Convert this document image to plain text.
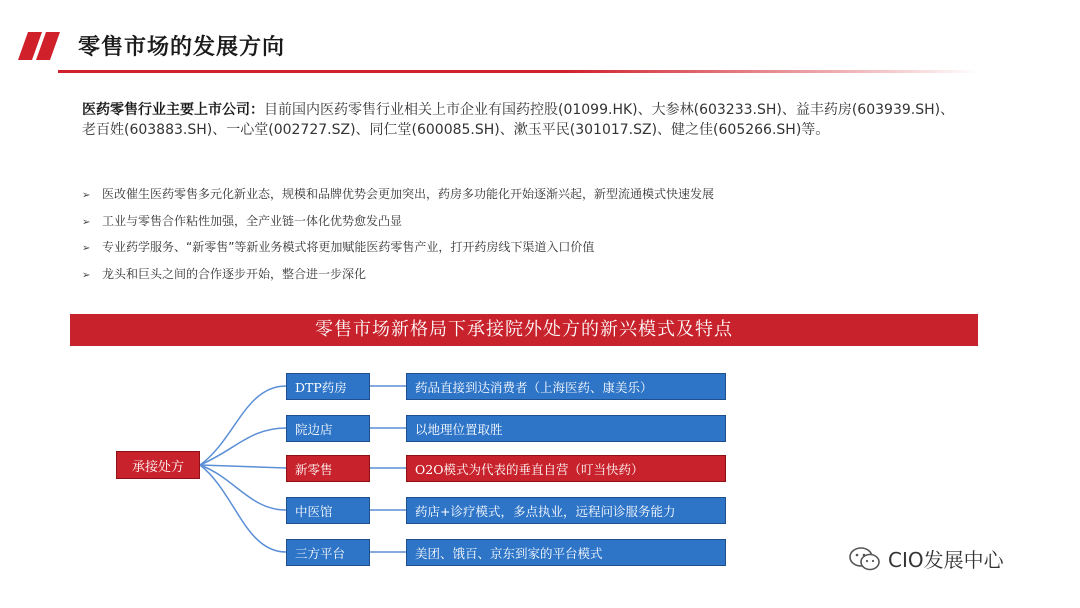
零售市场的发展方向
医药零售行业主要上市公司：目前国内医药零售行业相关上市企业有国药控股(01099.HK)、大参林(603233.SH)、益丰药房(603939.SH)、老百姓(603883.SH)、一心堂(002727.SZ)、同仁堂(600085.SH)、漱玉平民(301017.SZ)、健之佳(605266.SH)等。
➢ 医改催生医药零售多元化新业态，规模和品牌优势会更加突出，药房多功能化开始逐渐兴起，新型流通模式快速发展
➢ 工业与零售合作粘性加强，全产业链一体化优势愈发凸显
➢ 专业药学服务、“新零售”等新业务模式将更加赋能医药零售产业，打开药房线下渠道入口价值
➢ 龙头和巨头之间的合作逐步开始，整合进一步深化
零售市场新格局下承接院外处方的新兴模式及特点
承接处方
DTP药房
院边店
新零售
中医馆
三方平台
药品直接到达消费者（上海医药、康美乐）
以地理位置取胜
O2O模式为代表的垂直自营（叮当快药）
药店+诊疗模式，多点执业，远程问诊服务能力
美团、饿百、京东到家的平台模式	CIO发展中心
